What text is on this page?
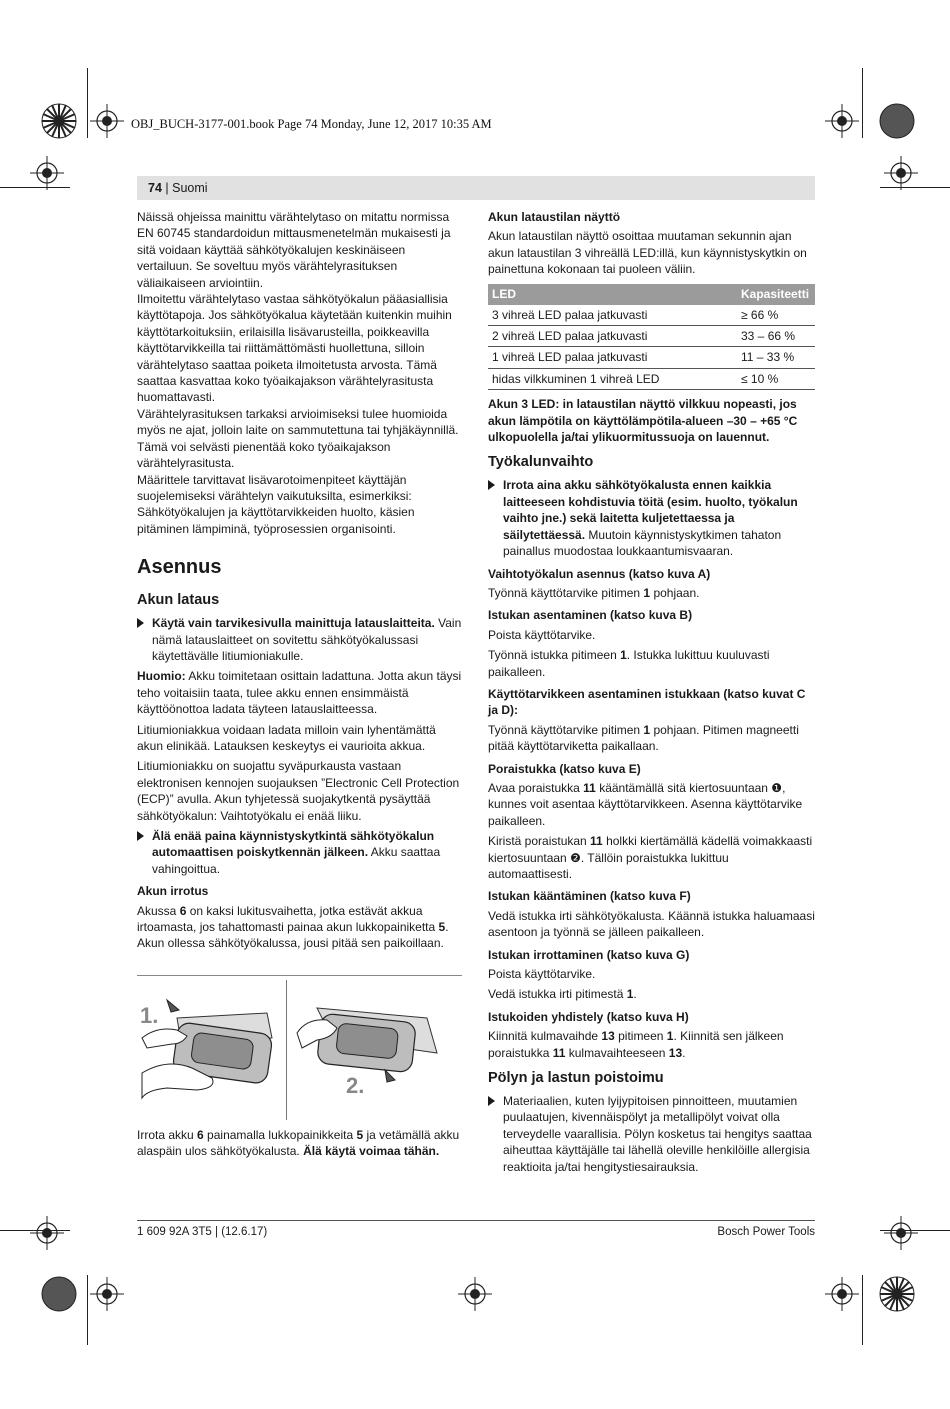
OBJ_BUCH-3177-001.book Page 74 Monday, June 12, 2017 10:35 AM
74 | Suomi

Näissä ohjeissa mainittu värähtelytaso on mitattu normissa EN 60745 standardoidun mittausmenetelmän mukaisesti ja sitä voidaan käyttää sähkötyökalujen keskinäiseen vertailuun. Se soveltuu myös värähtelyrasituksen väliaikaiseen arviointiin.

Ilmoitettu värähtelytaso vastaa sähkötyökalun pääasiallisia käyttötapoja. Jos sähkötyökalua käytetään kuitenkin muihin käyttötarkoituksiin, erilaisilla lisävarusteilla, poikkeavilla käyttötarvikkeilla tai riittämättömästi huollettuna, silloin värähtelytaso saattaa poiketa ilmoitetusta arvosta. Tämä saattaa kasvattaa koko työaikajakson värähtelyrasitusta huomattavasti.

Värähtelyrasituksen tarkaksi arvioimiseksi tulee huomioida myös ne ajat, jolloin laite on sammutettuna tai tyhjäkäynnillä. Tämä voi selvästi pienentää koko työaikajakson värähtelyrasitusta.

Määrittele tarvittavat lisävarotoimenpiteet käyttäjän suojelemiseksi värähtelyn vaikutuksilta, esimerkiksi: Sähkötyökalujen ja käyttötarvikkeiden huolto, käsien pitäminen lämpiminä, työprosessien organisointi.

Asennus
Akun lataus
Käytä vain tarvikesivulla mainittuja latauslaitteita. Vain nämä latauslaitteet on sovitettu sähkötyökalussasi käytettävälle litiumioniakulle.

Huomio: Akku toimitetaan osittain ladattuna. Jotta akun täysi teho voitaisiin taata, tulee akku ennen ensimmäistä käyttöönottoa ladata täyteen latauslaitteessa.

Litiumioniakkua voidaan ladata milloin vain lyhentämättä akun elinikää. Latauksen keskeytys ei vaurioita akkua.

Litiumioniakku on suojattu syväpurkausta vastaan elektronisen kennojen suojauksen ”Electronic Cell Protection (ECP)” avulla. Akun tyhjetessä suojakytkentä pysäyttää sähkötyökalun: Vaihtotyökalu ei enää liiku.

Älä enää paina käynnistyskytkintä sähkötyökalun automaattisen poiskytkennän jälkeen. Akku saattaa vahingoittua.
Akun irrotus

Akussa 6 on kaksi lukitusvaihetta, jotka estävät akkua irtoamasta, jos tahattomasti painaa akun lukkopainiketta 5. Akun ollessa sähkötyökalussa, jousi pitää sen paikoillaan.

1.
2.

Irrota akku 6 painamalla lukkopainikkeita 5 ja vetämällä akku alaspäin ulos sähkötyökalusta. Älä käytä voimaa tähän.

Akun lataustilan näyttö

Akun lataustilan näyttö osoittaa muutaman sekunnin ajan akun lataustilan 3 vihreällä LED:illä, kun käynnistyskytkin on painettuna kokonaan tai puoleen väliin.

LED	Kapasiteetti
3 vihreä LED palaa jatkuvasti	≥ 66 %
2 vihreä LED palaa jatkuvasti	33 – 66 %
1 vihreä LED palaa jatkuvasti	11 – 33 %
hidas vilkkuminen 1 vihreä LED	≤ 10 %

Akun 3 LED: in lataustilan näyttö vilkkuu nopeasti, jos akun lämpötila on käyttölämpötila-alueen –30 – +65 °C ulkopuolella ja/tai ylikuormitussuoja on lauennut.

Työkalunvaihto
Irrota aina akku sähkötyökalusta ennen kaikkia laitteeseen kohdistuvia töitä (esim. huolto, työkalun vaihto jne.) sekä laitetta kuljetettaessa ja säilytettäessä. Muutoin käynnistyskytkimen tahaton painallus muodostaa loukkaantumisvaaran.
Vaihtotyökalun asennus (katso kuva A)

Työnnä käyttötarvike pitimen 1 pohjaan.

Istukan asentaminen (katso kuva B)

Poista käyttötarvike.

Työnnä istukka pitimeen 1. Istukka lukittuu kuuluvasti paikalleen.

Käyttötarvikkeen asentaminen istukkaan (katso kuvat C ja D):

Työnnä käyttötarvike pitimen 1 pohjaan. Pitimen magneetti pitää käyttötarviketta paikallaan.

Poraistukka (katso kuva E)

Avaa poraistukka 11 kääntämällä sitä kiertosuuntaan ❶, kunnes voit asentaa käyttötarvikkeen. Asenna käyttötarvike paikalleen.

Kiristä poraistukan 11 holkki kiertämällä kädellä voimakkaasti kiertosuuntaan ❷. Tällöin poraistukka lukittuu automaattisesti.

Istukan kääntäminen (katso kuva F)

Vedä istukka irti sähkötyökalusta. Käännä istukka haluamaasi asentoon ja työnnä se jälleen paikalleen.

Istukan irrottaminen (katso kuva G)

Poista käyttötarvike.

Vedä istukka irti pitimestä 1.

Istukoiden yhdistely (katso kuva H)

Kiinnitä kulmavaihde 13 pitimeen 1. Kiinnitä sen jälkeen poraistukka 11 kulmavaihteeseen 13.

Pölyn ja lastun poistoimu
Materiaalien, kuten lyijypitoisen pinnoitteen, muutamien puulaatujen, kivennäispölyt ja metallipölyt voivat olla terveydelle vaarallisia. Pölyn kosketus tai hengitys saattaa aiheuttaa käyttäjälle tai lähellä oleville henkilöille allergisia reaktioita ja/tai hengitystiesairauksia.
1 609 92A 3T5 | (12.6.17)	Bosch Power Tools
